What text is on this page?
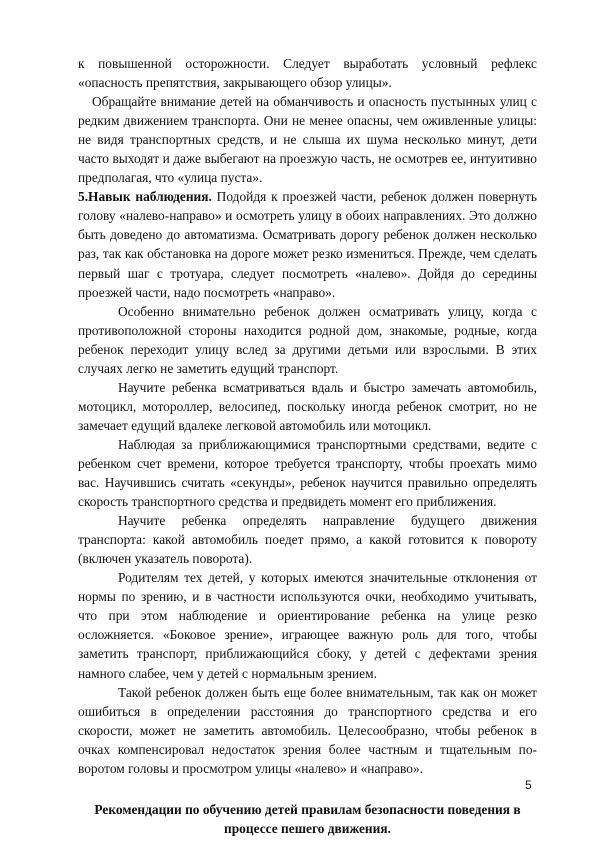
к повышенной осторожности. Следует выработать условный рефлекс «опасность препятствия, закрывающего обзор улицы».

Обращайте внимание детей на обманчивость и опасность пустынных улиц с редким движением транспорта. Они не менее опасны, чем оживленные улицы: не видя транспортных средств, и не слыша их шума несколько минут, дети часто выходят и даже выбегают на проезжую часть, не осмотрев ее, интуитивно предполагая, что «улица пуста».

5.Навык наблюдения. Подойдя к проезжей части, ребенок должен повернуть голову «налево-направо» и осмотреть улицу в обоих направлениях. Это должно быть доведено до автоматизма. Осматривать дорогу ребенок должен несколько раз, так как обстановка на дороге может резко измениться. Прежде, чем сделать первый шаг с тротуара, следует посмотреть «налево». Дойдя до середины проезжей части, надо посмотреть «направо».

Особенно внимательно ребенок должен осматривать улицу, когда с противоположной стороны находится родной дом, знакомые, родные, когда ребенок переходит улицу вслед за другими детьми или взрослыми. В этих случаях легко не заметить едущий транспорт.

Научите ребенка всматриваться вдаль и быстро замечать автомобиль, мотоцикл, мотороллер, велосипед, поскольку иногда ребенок смотрит, но не замечает едущий вдалеке легковой автомобиль или мотоцикл.

Наблюдая за приближающимися транспортными средствами, ведите с ребенком счет времени, которое требуется транспорту, чтобы проехать мимо вас. Научившись считать «секунды», ребенок научится правильно определять скорость транспортного средства и предвидеть момент его приближения.

Научите ребенка определять направление будущего движения транспорта: какой автомобиль поедет прямо, а какой готовится к повороту (включен указатель поворота).

Родителям тех детей, у которых имеются значительные отклонения от нормы по зрению, и в частности используются очки, необходимо учитывать, что при этом наблюдение и ориентирование ребенка на улице резко осложняется. «Боковое зрение», играющее важную роль для того, чтобы заметить транспорт, приближающийся сбоку, у детей с дефектами зрения намного слабее, чем у детей с нормальным зрением.

Такой ребенок должен быть еще более внимательным, так как он может ошибиться в определении расстояния до транспортного средства и его скорости, может не заметить автомобиль. Целесообразно, чтобы ребенок в очках компенсировал недостаток зрения более частным и тщательным по-воротом головы и просмотром улицы «налево» и «направо».

Рекомендации по обучению детей правилам безопасности поведения в процессе пешего движения.

5
